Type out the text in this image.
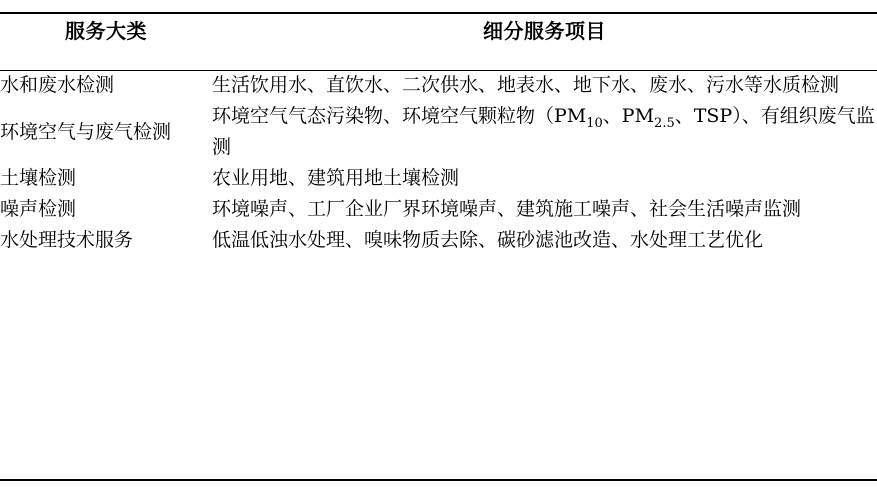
服务大类	细分服务项目

水和废水检测	生活饮用水、直饮水、二次供水、地表水、地下水、废水、污水等水质检测
环境空气与废气检测	环境空气气态污染物、环境空气颗粒物（$PM_{10}$、$PM_{2.5}$、TSP）、有组织废气监测
土壤检测	农业用地、建筑用地土壤检测
噪声检测	环境噪声、工厂企业厂界环境噪声、建筑施工噪声、社会生活噪声监测
水处理技术服务	低温低浊水处理、嗅味物质去除、碳砂滤池改造、水处理工艺优化
